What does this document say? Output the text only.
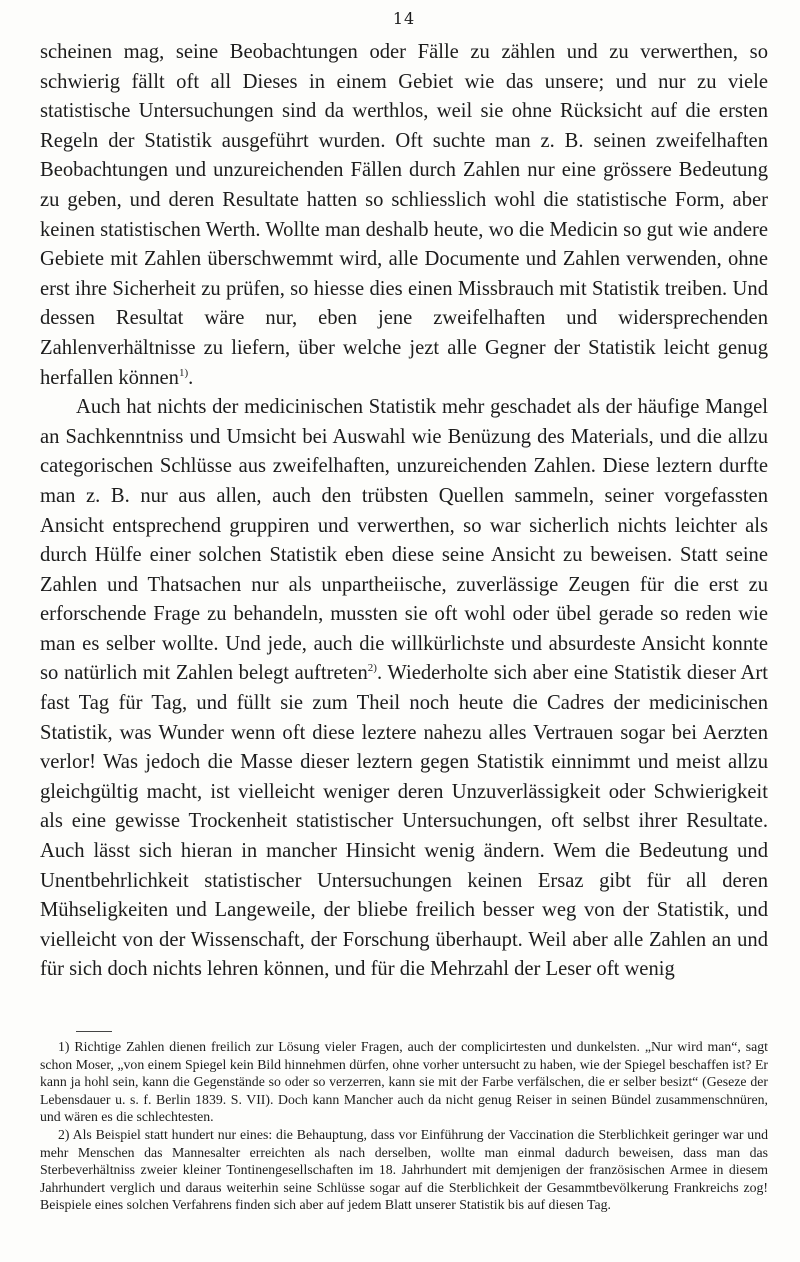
14

scheinen mag, seine Beobachtungen oder Fälle zu zählen und zu verwerthen, so schwierig fällt oft all Dieses in einem Gebiet wie das unsere; und nur zu viele statistische Untersuchungen sind da werthlos, weil sie ohne Rücksicht auf die ersten Regeln der Statistik ausgeführt wurden. Oft suchte man z. B. seinen zweifelhaften Beobachtungen und unzureichenden Fällen durch Zahlen nur eine grössere Bedeutung zu geben, und deren Resultate hatten so schliesslich wohl die statistische Form, aber keinen statistischen Werth. Wollte man deshalb heute, wo die Medicin so gut wie andere Gebiete mit Zahlen überschwemmt wird, alle Documente und Zahlen verwenden, ohne erst ihre Sicherheit zu prüfen, so hiesse dies einen Missbrauch mit Statistik treiben. Und dessen Resultat wäre nur, eben jene zweifelhaften und widersprechenden Zahlenverhältnisse zu liefern, über welche jezt alle Gegner der Statistik leicht genug herfallen können$^{1)}$.

Auch hat nichts der medicinischen Statistik mehr geschadet als der häufige Mangel an Sachkenntniss und Umsicht bei Auswahl wie Benüzung des Materials, und die allzu categorischen Schlüsse aus zweifelhaften, unzureichenden Zahlen. Diese leztern durfte man z. B. nur aus allen, auch den trübsten Quellen sammeln, seiner vorgefassten Ansicht entsprechend gruppiren und verwerthen, so war sicherlich nichts leichter als durch Hülfe einer solchen Statistik eben diese seine Ansicht zu beweisen. Statt seine Zahlen und Thatsachen nur als unpartheiische, zuverlässige Zeugen für die erst zu erforschende Frage zu behandeln, mussten sie oft wohl oder übel gerade so reden wie man es selber wollte. Und jede, auch die willkürlichste und absurdeste Ansicht konnte so natürlich mit Zahlen belegt auftreten$^{2)}$. Wiederholte sich aber eine Statistik dieser Art fast Tag für Tag, und füllt sie zum Theil noch heute die Cadres der medicinischen Statistik, was Wunder wenn oft diese leztere nahezu alles Vertrauen sogar bei Aerzten verlor! Was jedoch die Masse dieser leztern gegen Statistik einnimmt und meist allzu gleichgültig macht, ist vielleicht weniger deren Unzuverlässigkeit oder Schwierigkeit als eine gewisse Trockenheit statistischer Untersuchungen, oft selbst ihrer Resultate. Auch lässt sich hieran in mancher Hinsicht wenig ändern. Wem die Bedeutung und Unentbehrlichkeit statistischer Untersuchungen keinen Ersaz gibt für all deren Mühseligkeiten und Langeweile, der bliebe freilich besser weg von der Statistik, und vielleicht von der Wissenschaft, der Forschung überhaupt. Weil aber alle Zahlen an und für sich doch nichts lehren können, und für die Mehrzahl der Leser oft wenig

1) Richtige Zahlen dienen freilich zur Lösung vieler Fragen, auch der complicirtesten und dunkelsten. „Nur wird man“, sagt schon Moser, „von einem Spiegel kein Bild hinnehmen dürfen, ohne vorher untersucht zu haben, wie der Spiegel beschaffen ist? Er kann ja hohl sein, kann die Gegenstände so oder so verzerren, kann sie mit der Farbe verfälschen, die er selber besizt“ (Geseze der Lebensdauer u. s. f. Berlin 1839. S. VII). Doch kann Mancher auch da nicht genug Reiser in seinen Bündel zusammenschnüren, und wären es die schlechtesten.

2) Als Beispiel statt hundert nur eines: die Behauptung, dass vor Einführung der Vaccination die Sterblichkeit geringer war und mehr Menschen das Mannesalter erreichten als nach derselben, wollte man einmal dadurch beweisen, dass man das Sterbeverhältniss zweier kleiner Tontinengesellschaften im 18. Jahrhundert mit demjenigen der französischen Armee in diesem Jahrhundert verglich und daraus weiterhin seine Schlüsse sogar auf die Sterblichkeit der Gesammtbevölkerung Frankreichs zog! Beispiele eines solchen Verfahrens finden sich aber auf jedem Blatt unserer Statistik bis auf diesen Tag.
